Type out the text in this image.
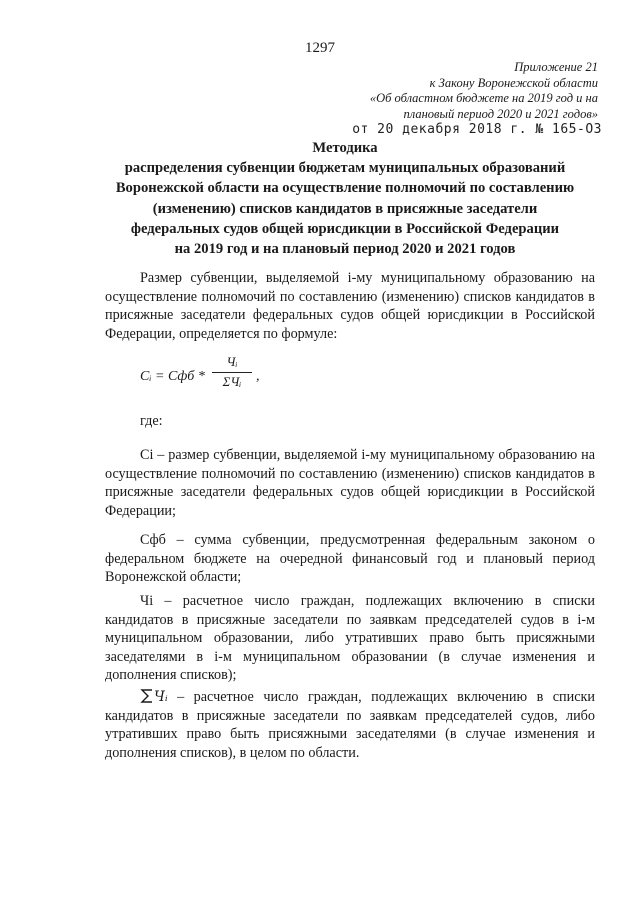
1297
Приложение 21
к Закону Воронежской области
«Об областном бюджете на 2019 год и на
плановый период 2020 и 2021 годов»
от 20 декабря 2018 г. № 165-ОЗ
Методика
распределения субвенции бюджетам муниципальных образований
Воронежской области на осуществление полномочий по составлению
(изменению) списков кандидатов в присяжные заседатели
федеральных судов общей юрисдикции в Российской Федерации
на 2019 год и на плановый период 2020 и 2021 годов
Размер субвенции, выделяемой i-му муниципальному образованию на осуществление полномочий по составлению (изменению) списков кандидатов в присяжные заседатели федеральных судов общей юрисдикции в Российской Федерации, определяется по формуле:
Cᵢ = Cфб *
Чᵢ
ΣЧᵢ	,
где:
Сi – размер субвенции, выделяемой i-му муниципальному образованию на осуществление полномочий по составлению (изменению) списков кандидатов в присяжные заседатели федеральных судов общей юрисдикции в Российской Федерации;
Сфб – сумма субвенции, предусмотренная федеральным законом о федеральном бюджете на очередной финансовый год и плановый период Воронежской области;
Чi – расчетное число граждан, подлежащих включению в списки кандидатов в присяжные заседатели по заявкам председателей судов в i-м муниципальном образовании, либо утративших право быть присяжными заседателями в i-м муниципальном образовании (в случае изменения и дополнения списков);
Чᵢ – расчетное число граждан, подлежащих включению в списки кандидатов в присяжные заседатели по заявкам председателей судов, либо утративших право быть присяжными заседателями (в случае изменения и дополнения списков), в целом по области.
